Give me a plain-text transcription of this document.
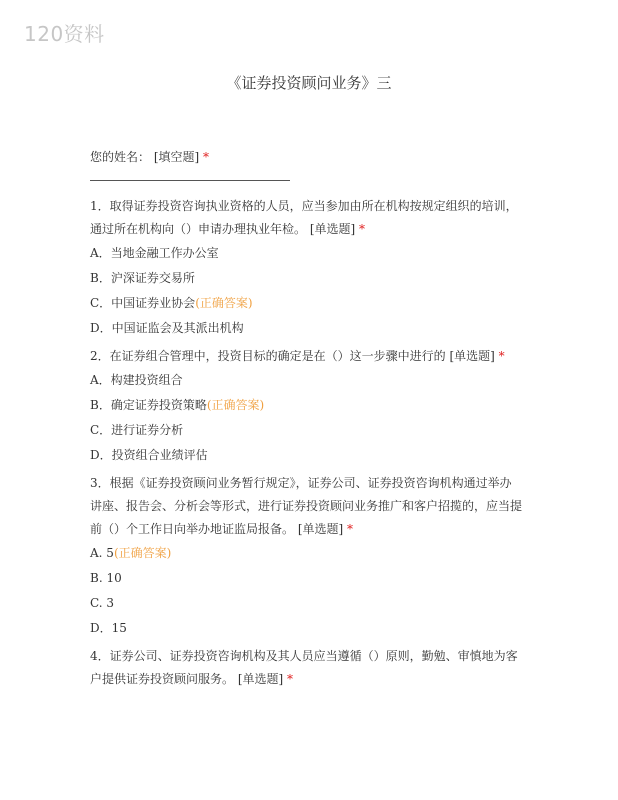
120资料
《证券投资顾问业务》三
您的姓名： [填空题] *
1．取得证券投资咨询执业资格的人员，应当参加由所在机构按规定组织的培训，
通过所在机构向（）申请办理执业年检。 [单选题] *
A．当地金融工作办公室
B．沪深证券交易所
C．中国证券业协会(正确答案)
D．中国证监会及其派出机构
2．在证券组合管理中，投资目标的确定是在（）这一步骤中进行的 [单选题] *
A．构建投资组合
B．确定证券投资策略(正确答案)
C．进行证券分析
D．投资组合业绩评估
3．根据《证券投资顾问业务暂行规定》，证券公司、证券投资咨询机构通过举办
讲座、报告会、分析会等形式，进行证券投资顾问业务推广和客户招揽的，应当提
前（）个工作日向举办地证监局报备。 [单选题] *
A. 5(正确答案)
B. 10
C. 3
D．15
4．证券公司、证券投资咨询机构及其人员应当遵循（）原则，勤勉、审慎地为客
户提供证券投资顾问服务。 [单选题] *
